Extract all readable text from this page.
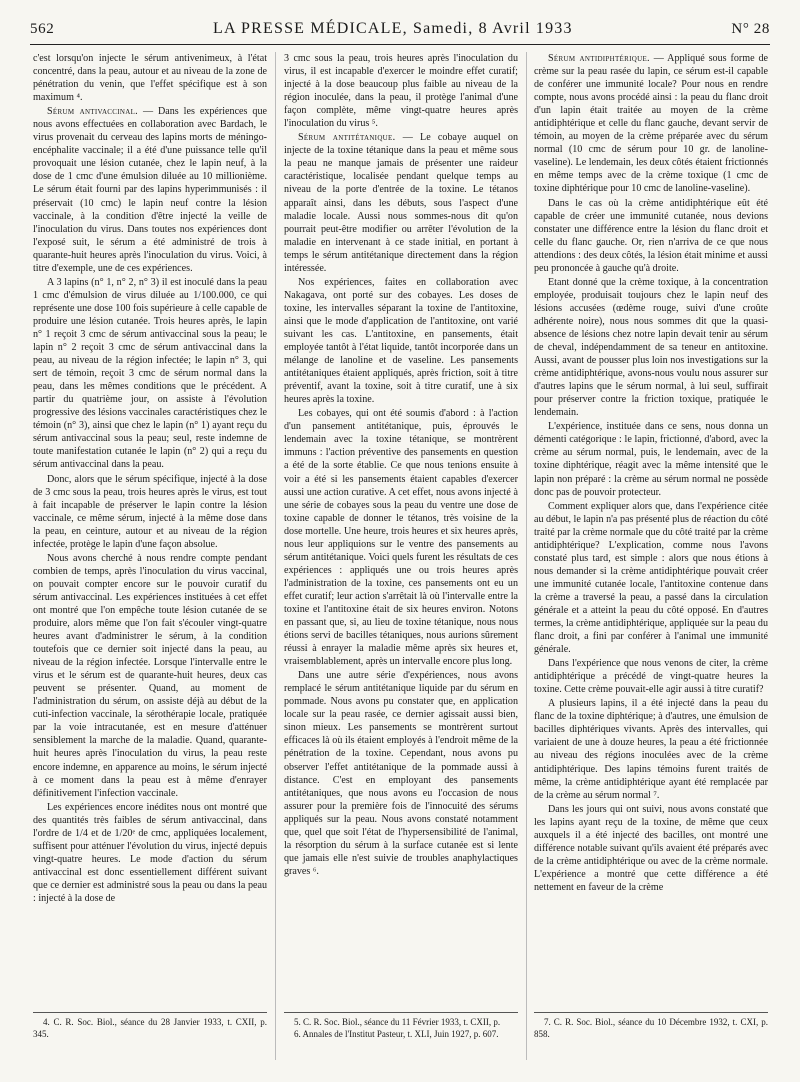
562	LA PRESSE MÉDICALE, Samedi, 8 Avril 1933	N° 28

c'est lorsqu'on injecte le sérum antivenimeux, à l'état concentré, dans la peau, autour et au niveau de la zone de pénétration du venin, que l'effet spécifique est à son maximum ⁴.

Sérum antivaccinal. — Dans les expériences que nous avons effectuées en collaboration avec Bardach, le virus provenait du cerveau des lapins morts de méningo-encéphalite vaccinale; il a été d'une puissance telle qu'il provoquait une lésion cutanée, chez le lapin neuf, à la dose de 1 cmc d'une émulsion diluée au 10 millionième. Le sérum était fourni par des lapins hyperimmunisés : il préservait (10 cmc) le lapin neuf contre la lésion vaccinale, à la condition d'être injecté la veille de l'inoculation du virus. Dans toutes nos expériences dont l'exposé suit, le sérum a été administré de trois à quarante-huit heures après l'inoculation du virus. Voici, à titre d'exemple, une de ces expériences.

A 3 lapins (n° 1, n° 2, n° 3) il est inoculé dans la peau 1 cmc d'émulsion de virus diluée au 1/100.000, ce qui représente une dose 100 fois supérieure à celle capable de produire une lésion cutanée. Trois heures après, le lapin n° 1 reçoit 3 cmc de sérum antivaccinal sous la peau; le lapin n° 2 reçoit 3 cmc de sérum antivaccinal dans la peau, au niveau de la région infectée; le lapin n° 3, qui sert de témoin, reçoit 3 cmc de sérum normal dans la peau, dans les mêmes conditions que le précédent. A partir du quatrième jour, on assiste à l'évolution progressive des lésions vaccinales caractéristiques chez le témoin (n° 3), ainsi que chez le lapin (n° 1) ayant reçu du sérum antivaccinal sous la peau; seul, reste indemne de toute manifestation cutanée le lapin (n° 2) qui a reçu du sérum antivaccinal dans la peau.

Donc, alors que le sérum spécifique, injecté à la dose de 3 cmc sous la peau, trois heures après le virus, est tout à fait incapable de préserver le lapin contre la lésion vaccinale, ce même sérum, injecté à la même dose dans la peau, en ceinture, autour et au niveau de la région infectée, protège le lapin d'une façon absolue.

Nous avons cherché à nous rendre compte pendant combien de temps, après l'inoculation du virus vaccinal, on pouvait compter encore sur le pouvoir curatif du sérum antivaccinal. Les expériences instituées à cet effet ont montré que l'on empêche toute lésion cutanée de se produire, alors même que l'on fait s'écouler vingt-quatre heures avant d'administrer le sérum, à la condition toutefois que ce dernier soit injecté dans la peau, au niveau de la région infectée. Lorsque l'intervalle entre le virus et le sérum est de quarante-huit heures, deux cas peuvent se présenter. Quand, au moment de l'administration du sérum, on assiste déjà au début de la cuti-infection vaccinale, la sérothérapie locale, pratiquée par la voie intracutanée, est en mesure d'atténuer sensiblement la marche de la maladie. Quand, quarante-huit heures après l'inoculation du virus, la peau reste encore indemne, en apparence au moins, le sérum injecté à ce moment dans la peau est à même d'enrayer définitivement l'infection vaccinale.

Les expériences encore inédites nous ont montré que des quantités très faibles de sérum antivaccinal, dans l'ordre de 1/4 et de 1/20ᵉ de cmc, appliquées localement, suffisent pour atténuer l'évolution du virus, injecté depuis vingt-quatre heures. Le mode d'action du sérum antivaccinal est donc essentiellement différent suivant que ce dernier est administré sous la peau ou dans la peau : injecté à la dose de

3 cmc sous la peau, trois heures après l'inoculation du virus, il est incapable d'exercer le moindre effet curatif; injecté à la dose beaucoup plus faible au niveau de la région inoculée, dans la peau, il protège l'animal d'une façon complète, même vingt-quatre heures après l'inoculation du virus ⁵.

Sérum antitétanique. — Le cobaye auquel on injecte de la toxine tétanique dans la peau et même sous la peau ne manque jamais de présenter une raideur caractéristique, localisée pendant quelque temps au niveau de la porte d'entrée de la toxine. Le tétanos apparaît ainsi, dans les débuts, sous l'aspect d'une maladie locale. Aussi nous sommes-nous dit qu'on pourrait peut-être modifier ou arrêter l'évolution de la maladie en intervenant à ce stade initial, en portant à temps le sérum antitétanique directement dans la région intéressée.

Nos expériences, faites en collaboration avec Nakagava, ont porté sur des cobayes. Les doses de toxine, les intervalles séparant la toxine de l'antitoxine, ainsi que le mode d'application de l'antitoxine, ont varié suivant les cas. L'antitoxine, en pansements, était employée tantôt à l'état liquide, tantôt incorporée dans un mélange de lanoline et de vaseline. Les pansements antitétaniques étaient appliqués, après friction, soit à titre préventif, avant la toxine, soit à titre curatif, une à six heures après la toxine.

Les cobayes, qui ont été soumis d'abord : à l'action d'un pansement antitétanique, puis, éprouvés le lendemain avec la toxine tétanique, se montrèrent immuns : l'action préventive des pansements en question a été de la sorte établie. Ce que nous tenions ensuite à voir a été si les pansements étaient capables d'exercer aussi une action curative. A cet effet, nous avons injecté à une série de cobayes sous la peau du ventre une dose de toxine capable de donner le tétanos, très voisine de la dose mortelle. Une heure, trois heures et six heures après, nous leur appliquions sur le ventre des pansements au sérum antitétanique. Voici quels furent les résultats de ces expériences : appliqués une ou trois heures après l'administration de la toxine, ces pansements ont eu un effet curatif; leur action s'arrêtait là où l'intervalle entre la toxine et l'antitoxine était de six heures environ. Notons en passant que, si, au lieu de toxine tétanique, nous nous étions servi de bacilles tétaniques, nous aurions sûrement réussi à enrayer la maladie même après six heures et, vraisemblablement, après un intervalle encore plus long.

Dans une autre série d'expériences, nous avons remplacé le sérum antitétanique liquide par du sérum en pommade. Nous avons pu constater que, en application locale sur la peau rasée, ce dernier agissait aussi bien, sinon mieux. Les pansements se montrèrent surtout efficaces là où ils étaient employés à l'endroit même de la pénétration de la toxine. Cependant, nous avons pu observer l'effet antitétanique de la pommade aussi à distance. C'est en employant des pansements antitétaniques, que nous avons eu l'occasion de nous assurer pour la première fois de l'innocuité des sérums appliqués sur la peau. Nous avons constaté notamment que, quel que soit l'état de l'hypersensibilité de l'animal, la résorption du sérum à la surface cutanée est si lente que jamais elle n'est suivie de troubles anaphylactiques graves ⁶.

Sérum antidiphtérique. — Appliqué sous forme de crème sur la peau rasée du lapin, ce sérum est-il capable de conférer une immunité locale? Pour nous en rendre compte, nous avons procédé ainsi : la peau du flanc droit d'un lapin était traitée au moyen de la crème antidiphtérique et celle du flanc gauche, devant servir de témoin, au moyen de la crème préparée avec du sérum normal (10 cmc de sérum pour 10 gr. de lanoline-vaseline). Le lendemain, les deux côtés étaient frictionnés en même temps avec de la crème toxique (1 cmc de toxine diphtérique pour 10 cmc de lanoline-vaseline).

Dans le cas où la crème antidiphtérique eût été capable de créer une immunité cutanée, nous devions constater une différence entre la lésion du flanc droit et celle du flanc gauche. Or, rien n'arriva de ce que nous attendions : des deux côtés, la lésion était minime et aussi peu prononcée à gauche qu'à droite.

Etant donné que la crème toxique, à la concentration employée, produisait toujours chez le lapin neuf des lésions accusées (œdème rouge, suivi d'une croûte adhérente noire), nous nous sommes dit que la quasi-absence de lésions chez notre lapin devait tenir au sérum de cheval, indépendamment de sa teneur en antitoxine. Aussi, avant de pousser plus loin nos investigations sur la crème antidiphtérique, avons-nous voulu nous assurer sur d'autres lapins que le sérum normal, à lui seul, suffirait pour préserver contre la friction toxique, pratiquée le lendemain.

L'expérience, instituée dans ce sens, nous donna un démenti catégorique : le lapin, frictionné, d'abord, avec la crème au sérum normal, puis, le lendemain, avec de la toxine diphtérique, réagit avec la même intensité que le lapin non préparé : la crème au sérum normal ne possède donc pas de pouvoir protecteur.

Comment expliquer alors que, dans l'expérience citée au début, le lapin n'a pas présenté plus de réaction du côté traité par la crème normale que du côté traité par la crème antidiphtérique? L'explication, comme nous l'avons constaté plus tard, est simple : alors que nous étions à nous demander si la crème antidiphtérique pouvait créer une immunité cutanée locale, l'antitoxine contenue dans la crème a traversé la peau, a passé dans la circulation générale et a atteint la peau du côté opposé. En d'autres termes, la crème antidiphtérique, appliquée sur la peau du flanc droit, a fini par conférer à l'animal une immunité générale.

Dans l'expérience que nous venons de citer, la crème antidiphtérique a précédé de vingt-quatre heures la toxine. Cette crème pouvait-elle agir aussi à titre curatif?

A plusieurs lapins, il a été injecté dans la peau du flanc de la toxine diphtérique; à d'autres, une émulsion de bacilles diphtériques vivants. Après des intervalles, qui variaient de une à douze heures, la peau a été frictionnée au niveau des régions inoculées avec de la crème antidiphtérique. Des lapins témoins furent traités de même, la crème antidiphtérique ayant été remplacée par de la crème au sérum normal ⁷.

Dans les jours qui ont suivi, nous avons constaté que les lapins ayant reçu de la toxine, de même que ceux auxquels il a été injecté des bacilles, ont montré une différence notable suivant qu'ils avaient été préparés avec de la crème antidiphtérique ou avec de la crème normale. L'expérience a montré que cette différence a été nettement en faveur de la crème

4. C. R. Soc. Biol., séance du 28 Janvier 1933, t. CXII, p. 345.

5. C. R. Soc. Biol., séance du 11 Février 1933, t. CXII, p.

6. Annales de l'Institut Pasteur, t. XLI, Juin 1927, p. 607.

7. C. R. Soc. Biol., séance du 10 Décembre 1932, t. CXI, p. 858.
